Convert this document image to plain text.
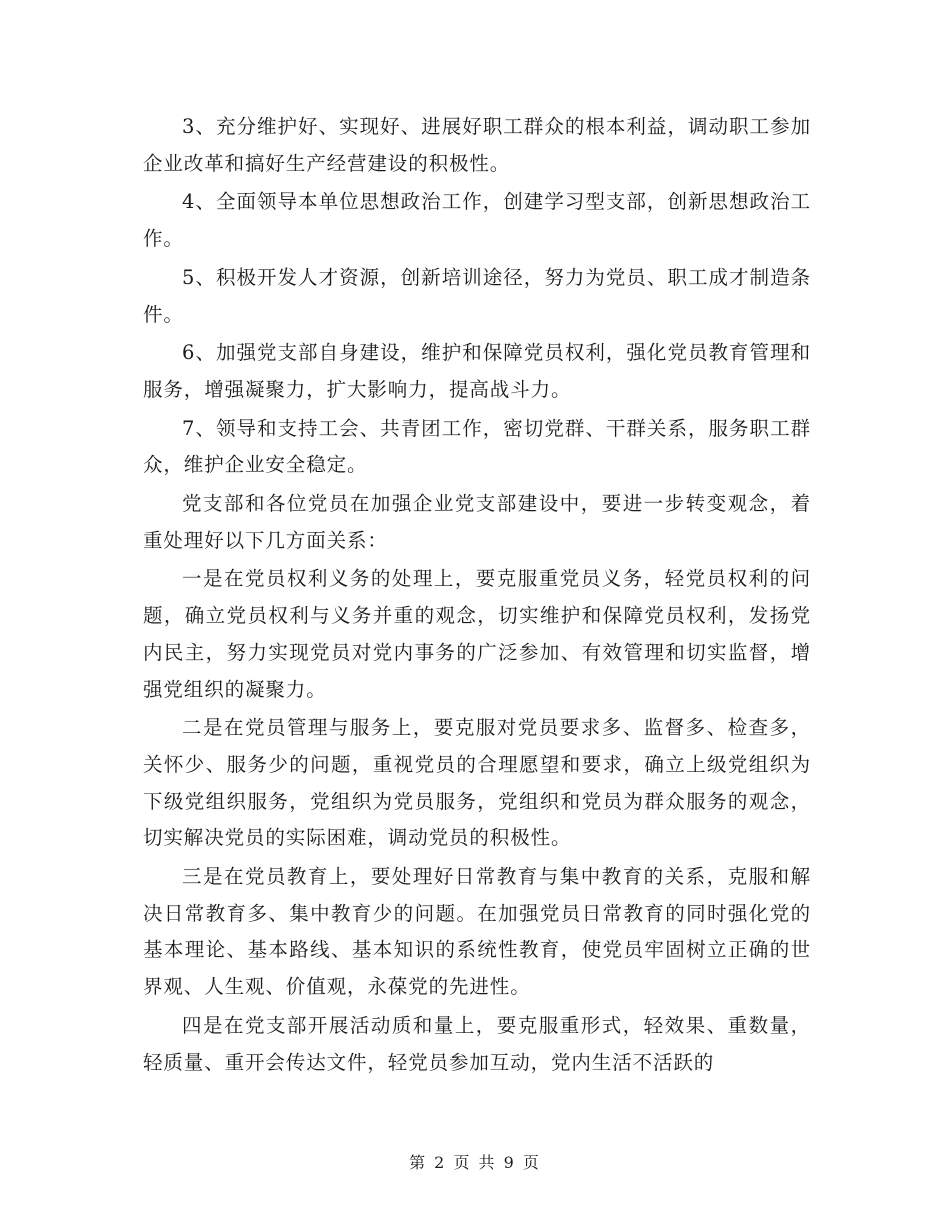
3、充分维护好、实现好、进展好职工群众的根本利益，调动职工参加企业改革和搞好生产经营建设的积极性。

4、全面领导本单位思想政治工作，创建学习型支部，创新思想政治工作。

5、积极开发人才资源，创新培训途径，努力为党员、职工成才制造条件。

6、加强党支部自身建设，维护和保障党员权利，强化党员教育管理和服务，增强凝聚力，扩大影响力，提高战斗力。

7、领导和支持工会、共青团工作，密切党群、干群关系，服务职工群众，维护企业安全稳定。

党支部和各位党员在加强企业党支部建设中，要进一步转变观念，着重处理好以下几方面关系：

一是在党员权利义务的处理上，要克服重党员义务，轻党员权利的问题，确立党员权利与义务并重的观念，切实维护和保障党员权利，发扬党内民主，努力实现党员对党内事务的广泛参加、有效管理和切实监督，增强党组织的凝聚力。

二是在党员管理与服务上，要克服对党员要求多、监督多、检查多，关怀少、服务少的问题，重视党员的合理愿望和要求，确立上级党组织为下级党组织服务，党组织为党员服务，党组织和党员为群众服务的观念，切实解决党员的实际困难，调动党员的积极性。

三是在党员教育上，要处理好日常教育与集中教育的关系，克服和解决日常教育多、集中教育少的问题。在加强党员日常教育的同时强化党的基本理论、基本路线、基本知识的系统性教育，使党员牢固树立正确的世界观、人生观、价值观，永葆党的先进性。

四是在党支部开展活动质和量上，要克服重形式，轻效果、重数量，轻质量、重开会传达文件，轻党员参加互动，党内生活不活跃的

第 2 页 共 9 页
